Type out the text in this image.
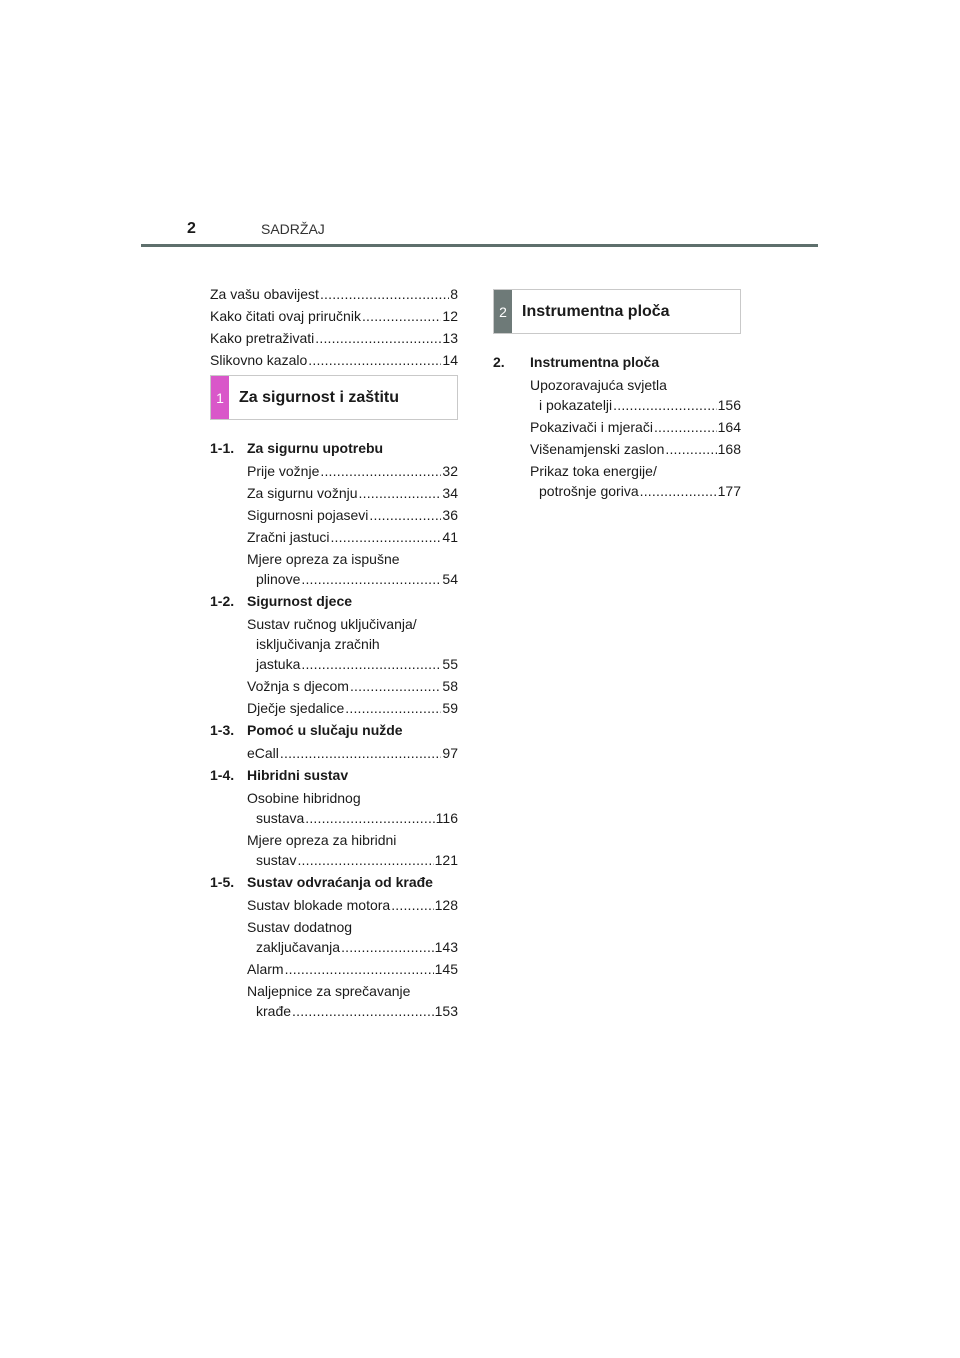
2	SADRŽAJ
Za vašu obavijest .....	8
Kako čitati ovaj priručnik .....	12
Kako pretraživati .....	13
Slikovno kazalo .....	14
1 Za sigurnost i zaštitu
1-1. Za sigurnu upotrebu
Prije vožnje .....	32
Za sigurnu vožnju .....	34
Sigurnosni pojasevi .....	36
Zračni jastuci .....	41
Mjere opreza za ispušne
plinove .....	54
1-2. Sigurnost djece
Sustav ručnog uključivanja/
isključivanja zračnih
jastuka .....	55
Vožnja s djecom .....	58
Dječje sjedalice .....	59
1-3. Pomoć u slučaju nužde
eCall .....	97
1-4. Hibridni sustav
Osobine hibridnog
sustava .....	116
Mjere opreza za hibridni
sustav .....	121
1-5. Sustav odvraćanja od krađe
Sustav blokade motora .....	128
Sustav dodatnog
zaključavanja .....	143
Alarm .....	145
Naljepnice za sprečavanje
krađe .....	153
2 Instrumentna ploča
2.	Instrumentna ploča
Upozoravajuća svjetla
i pokazatelji .....	156
Pokazivači i mjerači .....	164
Višenamjenski zaslon .....	168
Prikaz toka energije/
potrošnje goriva .....	177
